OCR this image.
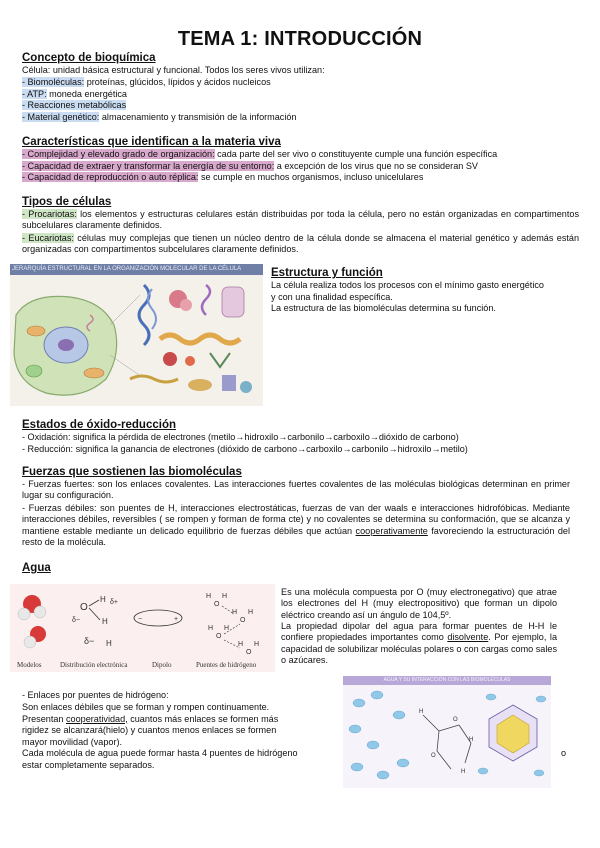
TEMA 1: INTRODUCCIÓN
Concepto de bioquímica
Célula: unidad básica estructural y funcional. Todos los seres vivos utilizan:
- Biomoléculas: proteínas, glúcidos, lípidos y ácidos nucleicos
- ATP: moneda energética
- Reacciones metabólicas
- Material genético: almacenamiento y transmisión de la información
Características que identifican a la materia viva
- Complejidad y elevado grado de organización: cada parte del ser vivo o constituyente cumple una función específica
- Capacidad de extraer y transformar la energía de su entorno: a excepción de los virus que no se consideran SV
- Capacidad de reproducción o auto réplica: se cumple en muchos organismos, incluso unicelulares
Tipos de células
- Procariotas: los elementos y estructuras celulares están distribuidas por toda la célula, pero no están organizadas en compartimentos subcelulares claramente definidos.
- Eucariotas: células muy complejas que tienen un núcleo dentro de la célula donde se almacena el material genético y además están organizadas con compartimentos subcelulares claramente definidos.
JERARQUÍA ESTRUCTURAL EN LA ORGANIZACIÓN MOLECULAR DE LA CÉLULA	Estructura y función
La célula realiza todos los procesos con el mínimo gasto energético
y con una finalidad específica.
La estructura de las biomoléculas determina su función.
Estados de óxido-reducción
- Oxidación: significa la pérdida de electrones (metilo→hidroxilo→carbonilo→carboxilo→dióxido de carbono)
- Reducción: significa la ganancia de electrones (dióxido de carbono→carboxilo→carbonilo→hidroxilo→metilo)
Fuerzas que sostienen las biomoléculas
- Fuerzas fuertes: son los enlaces covalentes. Las interacciones fuertes covalentes de las moléculas biológicas determinan en primer lugar su configuración.
- Fuerzas débiles: son puentes de H, interacciones electrostáticas, fuerzas de van der waals e interacciones hidrofóbicas. Mediante interacciones débiles, reversibles ( se rompen y forman de forma cte) y no covalentes se determina su conformación, que se alcanza y mantiene estable mediante un delicado equilibrio de fuerzas débiles que actúan cooperativamente favoreciendo la estructuración del resto de la molécula.
Agua
O
H
H
δ+
δ−
δ− H
−	+
H
O
H
H
O
H
H
O
H
H
O
H
Modelos	Distribución electrónica	Dipolo	Puentes de hidrógeno
Es una molécula compuesta por O (muy electronegativo) que atrae los electrones del H (muy electropositivo) que forman un dipolo eléctrico creando así un ángulo de 104,5º.
La propiedad dipolar del agua para formar puentes de H-H le confiere propiedades importantes como disolvente. Por ejemplo, la capacidad de solubilizar moléculas polares o con cargas como sales o azúcares.
- Enlaces por puentes de hidrógeno:
Son enlaces débiles que se forman y rompen continuamente.
Presentan cooperatividad, cuantos más enlaces se formen más
rigidez se alcanzará(hielo) y cuantos menos enlaces se formen
mayor movilidad (vapor).
Cada molécula de agua puede formar hasta 4 puentes de hidrógeno	o
estar completamente separados.
AGUA Y SU INTERACCIÓN CON LAS BIOMOLÉCULAS
H
O
H
O
H
